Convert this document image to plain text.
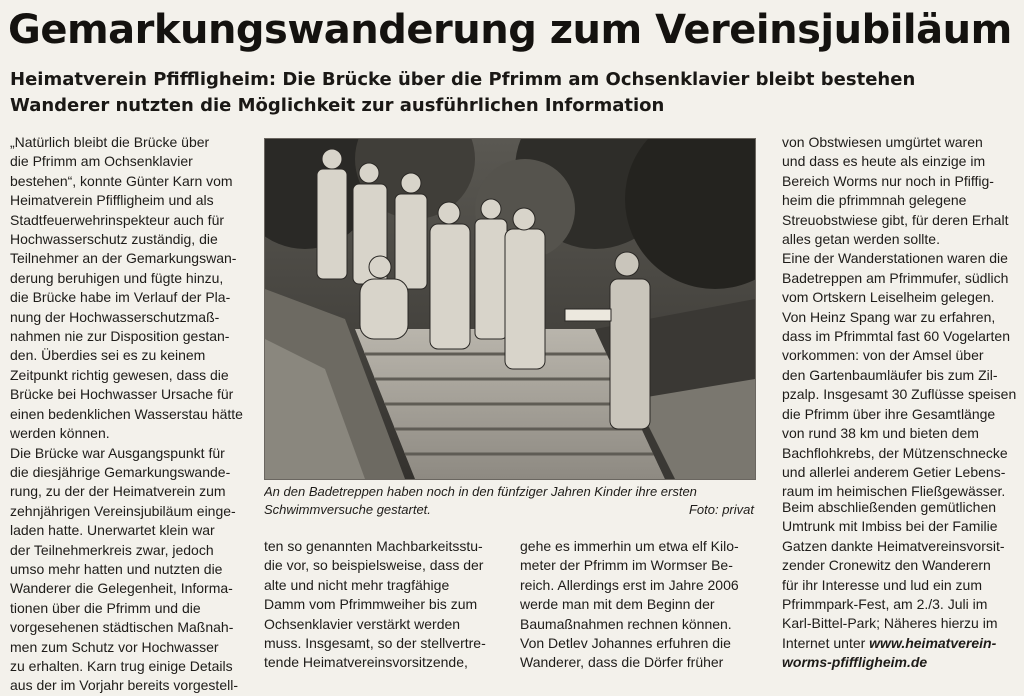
Gemarkungswanderung zum Vereinsjubiläum
Heimatverein Pfiffligheim: Die Brücke über die Pfrimm am Ochsenklavier bleibt bestehen
Wanderer nutzten die Möglichkeit zur ausführlichen Information
„Natürlich bleibt die Brücke über
die Pfrimm am Ochsenklavier
bestehen“, konnte Günter Karn vom
Heimatverein Pfiffligheim und als
Stadtfeuerwehrinspekteur auch für
Hochwasserschutz zuständig, die
Teilnehmer an der Gemarkungswan-
derung beruhigen und fügte hinzu,
die Brücke habe im Verlauf der Pla-
nung der Hochwasserschutzmaß-
nahmen nie zur Disposition gestan-
den. Überdies sei es zu keinem
Zeitpunkt richtig gewesen, dass die
Brücke bei Hochwasser Ursache für
einen bedenklichen Wasserstau hätte
werden können.
Die Brücke war Ausgangspunkt für
die diesjährige Gemarkungswande-
rung, zu der der Heimatverein zum
zehnjährigen Vereinsjubiläum einge-
laden hatte. Unerwartet klein war
der Teilnehmerkreis zwar, jedoch
umso mehr hatten und nutzten die
Wanderer die Gelegenheit, Informa-
tionen über die Pfrimm und die
vorgesehenen städtischen Maßnah-
men zum Schutz vor Hochwasser
zu erhalten. Karn trug einige Details
aus der im Vorjahr bereits vorgestell-
An den Badetreppen haben noch in den fünfziger Jahren Kinder ihre ersten
Schwimmversuche gestartet.	Foto: privat
ten so genannten Machbarkeitsstu-
die vor, so beispielsweise, dass der
alte und nicht mehr tragfähige
Damm vom Pfrimmweiher bis zum
Ochsenklavier verstärkt werden
muss. Insgesamt, so der stellvertre-
tende Heimatvereinsvorsitzende,
gehe es immerhin um etwa elf Kilo-
meter der Pfrimm im Wormser Be-
reich. Allerdings erst im Jahre 2006
werde man mit dem Beginn der
Baumaßnahmen rechnen können.
Von Detlev Johannes erfuhren die
Wanderer, dass die Dörfer früher
von Obstwiesen umgürtet waren
und dass es heute als einzige im
Bereich Worms nur noch in Pfiffig-
heim die pfrimmnah gelegene
Streuobstwiese gibt, für deren Erhalt
alles getan werden sollte.
Eine der Wanderstationen waren die
Badetreppen am Pfrimmufer, südlich
vom Ortskern Leiselheim gelegen.
Von Heinz Spang war zu erfahren,
dass im Pfrimmtal fast 60 Vogelarten
vorkommen: von der Amsel über
den Gartenbaumläufer bis zum Zil-
pzalp. Insgesamt 30 Zuflüsse speisen
die Pfrimm über ihre Gesamtlänge
von rund 38 km und bieten dem
Bachflohkrebs, der Mützenschnecke
und allerlei anderem Getier Lebens-
raum im heimischen Fließgewässer.
Beim abschließenden gemütlichen
Umtrunk mit Imbiss bei der Familie
Gatzen dankte Heimatvereinsvorsit-
zender Cronewitz den Wanderern
für ihr Interesse und lud ein zum
Pfrimmpark-Fest, am 2./3. Juli im
Karl-Bittel-Park; Näheres hierzu im
Internet unter www.heimatverein-
worms-pfiffligheim.de
